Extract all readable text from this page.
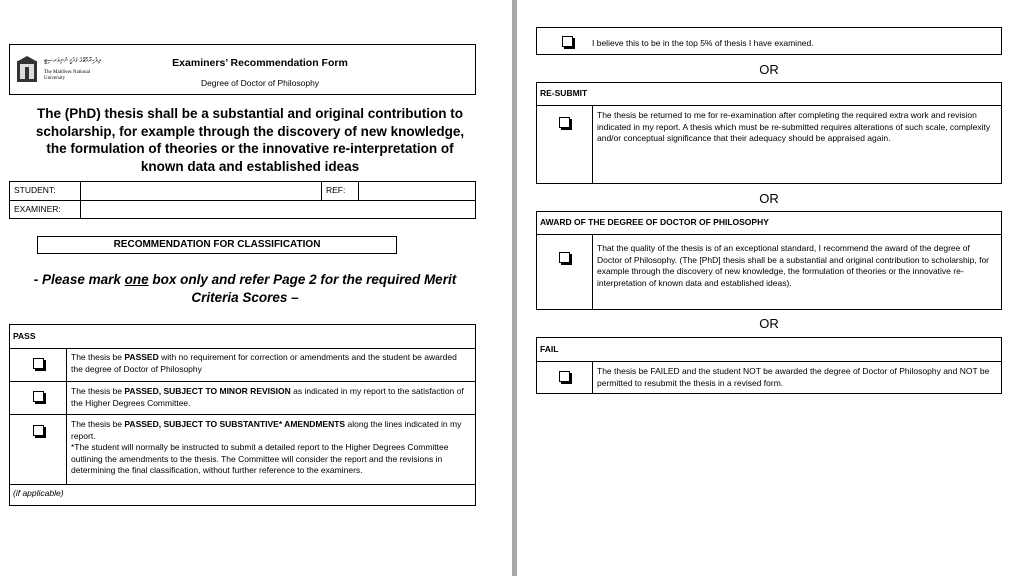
ދިވެހިރާއްޖޭގެ ޤައުމީ ޔުނިވަރސިޓީ
The Maldives National
University
Examiners’ Recommendation Form
Degree of Doctor of Philosophy
The (PhD) thesis shall be a substantial and original contribution to scholarship, for example through the discovery of new knowledge, the formulation of theories or the innovative re-interpretation of known data and established ideas
STUDENT:		REF:	
EXAMINER:			
RECOMMENDATION FOR CLASSIFICATION
- Please mark one box only and refer Page 2 for the required Merit Criteria Scores –
PASS	
	The thesis be PASSED with no requirement for correction or amendments and the student be awarded the degree of Doctor of Philosophy
	The thesis be PASSED, SUBJECT TO MINOR REVISION as indicated in my report to the satisfaction of the Higher Degrees Committee.
	The thesis be PASSED, SUBJECT TO SUBSTANTIVE* AMENDMENTS along the lines indicated in my report.
*The student will normally be instructed to submit a detailed report to the Higher Degrees Committee outlining the amendments to the thesis. The Committee will consider the report and the revisions in determining the final classification, without further reference to the examiners.

(if applicable)	
I believe this to be in the top 5% of thesis I have examined.
OR
RE-SUBMIT
	The thesis be returned to me for re-examination after completing the required extra work and revision indicated in my report. A thesis which must be re-submitted requires alterations of such scale, complexity and/or conceptual significance that their adequacy should be appraised again.
OR
AWARD OF THE DEGREE OF DOCTOR OF PHILOSOPHY
	That the quality of the thesis is of an exceptional standard, I recommend the award of the degree of Doctor of Philosophy. (The [PhD] thesis shall be a substantial and original contribution to scholarship, for example through the discovery of new knowledge, the formulation of theories or the innovative re-interpretation of known data and established ideas).
OR
FAIL
	The thesis be FAILED and the student NOT be awarded the degree of Doctor of Philosophy and NOT be permitted to resubmit the thesis in a revised form.
